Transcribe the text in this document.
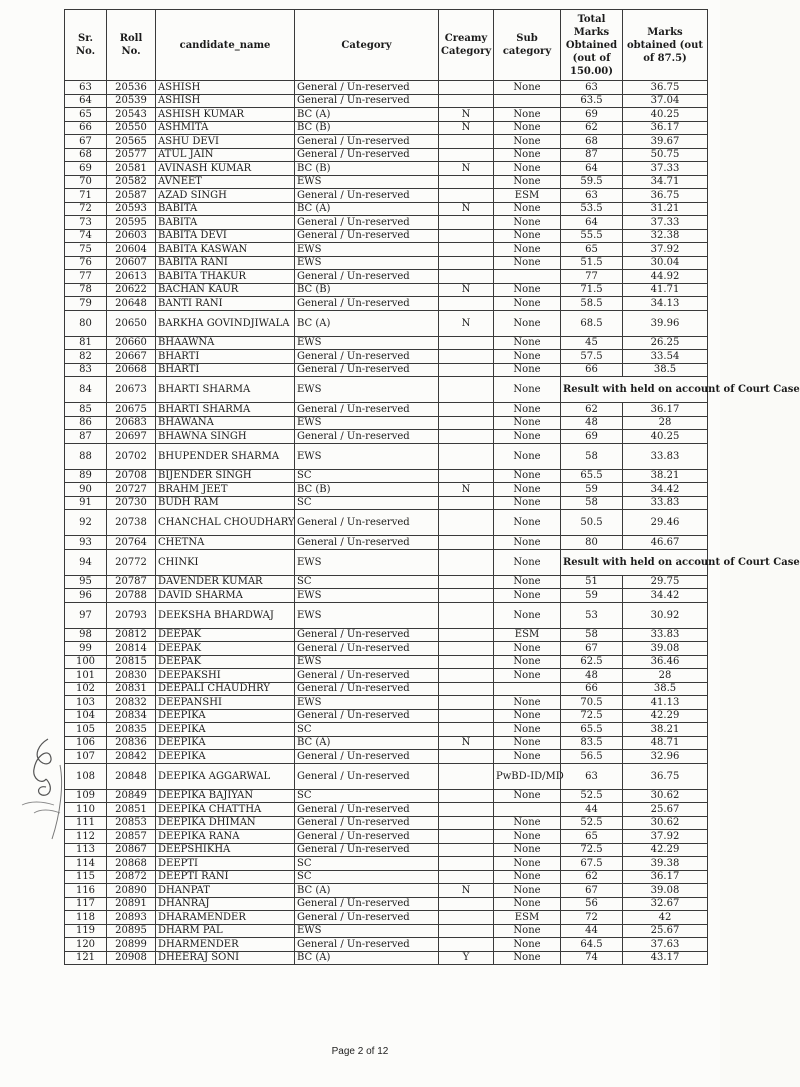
Sr. No.	Roll No.	candidate_name	Category	Creamy Category	Sub category	Total Marks Obtained (out of 150.00)	Marks obtained (out of 87.5)
63	20536	ASHISH	General / Un-reserved		None	63	36.75
64	20539	ASHISH	General / Un-reserved			63.5	37.04
65	20543	ASHISH KUMAR	BC (A)	N	None	69	40.25
66	20550	ASHMITA	BC (B)	N	None	62	36.17
67	20565	ASHU DEVI	General / Un-reserved		None	68	39.67
68	20577	ATUL JAIN	General / Un-reserved		None	87	50.75
69	20581	AVINASH KUMAR	BC (B)	N	None	64	37.33
70	20582	AVNEET	EWS		None	59.5	34.71
71	20587	AZAD SINGH	General / Un-reserved		ESM	63	36.75
72	20593	BABITA	BC (A)	N	None	53.5	31.21
73	20595	BABITA	General / Un-reserved		None	64	37.33
74	20603	BABITA DEVI	General / Un-reserved		None	55.5	32.38
75	20604	BABITA KASWAN	EWS		None	65	37.92
76	20607	BABITA RANI	EWS		None	51.5	30.04
77	20613	BABITA THAKUR	General / Un-reserved			77	44.92
78	20622	BACHAN KAUR	BC (B)	N	None	71.5	41.71
79	20648	BANTI RANI	General / Un-reserved		None	58.5	34.13
80	20650	BARKHA GOVINDJIWALA	BC (A)	N	None	68.5	39.96
81	20660	BHAAWNA	EWS		None	45	26.25
82	20667	BHARTI	General / Un-reserved		None	57.5	33.54
83	20668	BHARTI	General / Un-reserved		None	66	38.5
84	20673	BHARTI SHARMA	EWS		None	Result with held on account of Court Case	
85	20675	BHARTI SHARMA	General / Un-reserved		None	62	36.17
86	20683	BHAWANA	EWS		None	48	28
87	20697	BHAWNA SINGH	General / Un-reserved		None	69	40.25
88	20702	BHUPENDER SHARMA	EWS		None	58	33.83
89	20708	BIJENDER SINGH	SC		None	65.5	38.21
90	20727	BRAHM JEET	BC (B)	N	None	59	34.42
91	20730	BUDH RAM	SC		None	58	33.83
92	20738	CHANCHAL CHOUDHARY	General / Un-reserved		None	50.5	29.46
93	20764	CHETNA	General / Un-reserved		None	80	46.67
94	20772	CHINKI	EWS		None	Result with held on account of Court Case	
95	20787	DAVENDER KUMAR	SC		None	51	29.75
96	20788	DAVID SHARMA	EWS		None	59	34.42
97	20793	DEEKSHA BHARDWAJ	EWS		None	53	30.92
98	20812	DEEPAK	General / Un-reserved		ESM	58	33.83
99	20814	DEEPAK	General / Un-reserved		None	67	39.08
100	20815	DEEPAK	EWS		None	62.5	36.46
101	20830	DEEPAKSHI	General / Un-reserved		None	48	28
102	20831	DEEPALI CHAUDHRY	General / Un-reserved			66	38.5
103	20832	DEEPANSHI	EWS		None	70.5	41.13
104	20834	DEEPIKA	General / Un-reserved		None	72.5	42.29
105	20835	DEEPIKA	SC		None	65.5	38.21
106	20836	DEEPIKA	BC (A)	N	None	83.5	48.71
107	20842	DEEPIKA	General / Un-reserved		None	56.5	32.96
108	20848	DEEPIKA AGGARWAL	General / Un-reserved		PwBD-ID/MD	63	36.75
109	20849	DEEPIKA BAJIYAN	SC		None	52.5	30.62
110	20851	DEEPIKA CHATTHA	General / Un-reserved			44	25.67
111	20853	DEEPIKA DHIMAN	General / Un-reserved		None	52.5	30.62
112	20857	DEEPIKA RANA	General / Un-reserved		None	65	37.92
113	20867	DEEPSHIKHA	General / Un-reserved		None	72.5	42.29
114	20868	DEEPTI	SC		None	67.5	39.38
115	20872	DEEPTI RANI	SC		None	62	36.17
116	20890	DHANPAT	BC (A)	N	None	67	39.08
117	20891	DHANRAJ	General / Un-reserved		None	56	32.67
118	20893	DHARAMENDER	General / Un-reserved		ESM	72	42
119	20895	DHARM PAL	EWS		None	44	25.67
120	20899	DHARMENDER	General / Un-reserved		None	64.5	37.63
121	20908	DHEERAJ SONI	BC (A)	Y	None	74	43.17
Page 2 of 12
